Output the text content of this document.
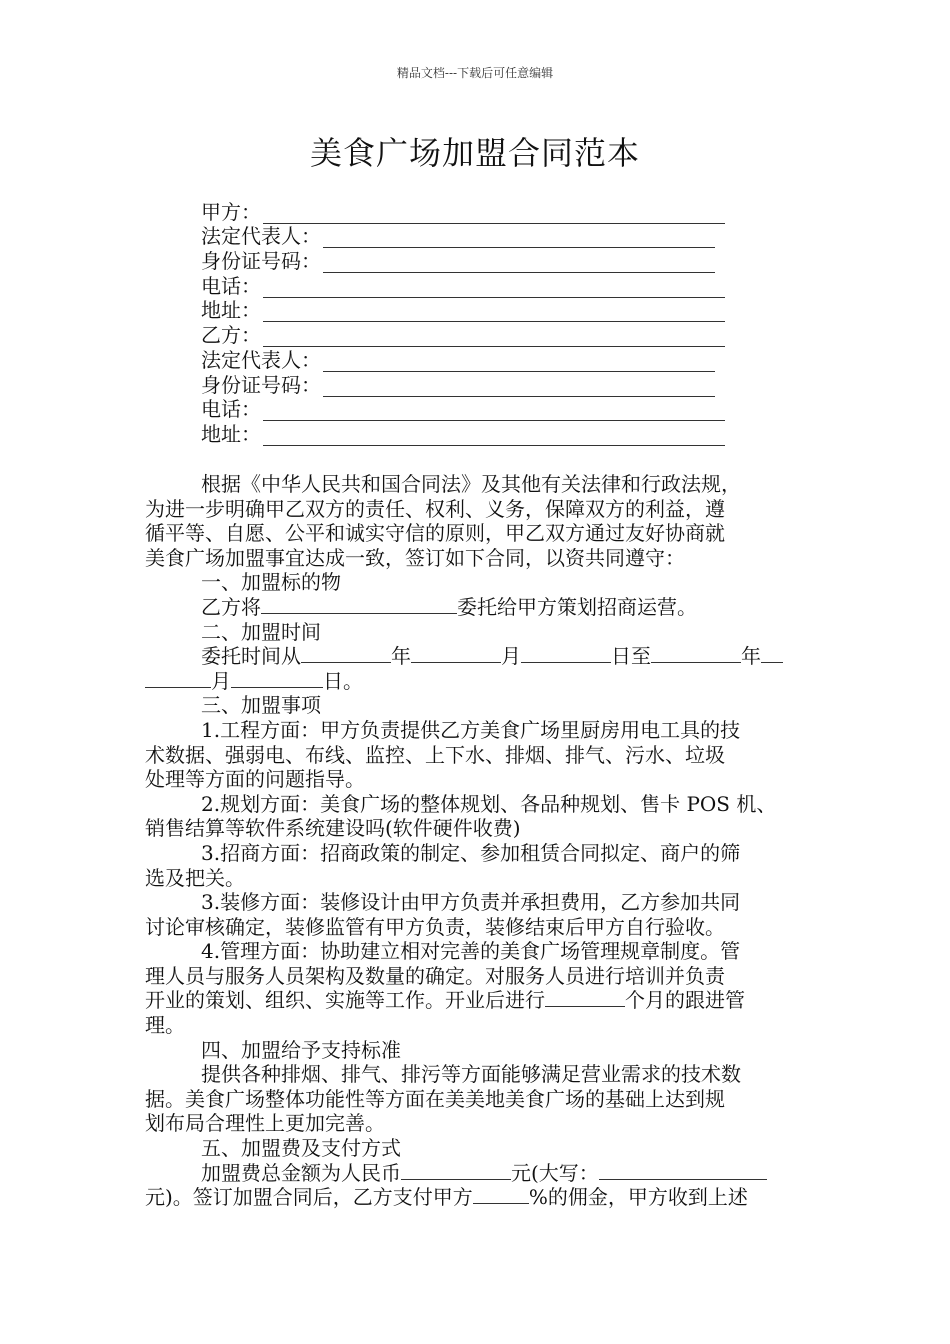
精品文档---下载后可任意编辑
美食广场加盟合同范本
甲方：
法定代表人：
身份证号码：
电话：
地址：
乙方：
法定代表人：
身份证号码：
电话：
地址：
根据《中华人民共和国合同法》及其他有关法律和行政法规，
为进一步明确甲乙双方的责任、权利、义务，保障双方的利益，遵
循平等、自愿、公平和诚实守信的原则，甲乙双方通过友好协商就
美食广场加盟事宜达成一致，签订如下合同，以资共同遵守：
一、加盟标的物
乙方将	委托给甲方策划招商运营。
二、加盟时间
委托时间从	年	月	日至	年
月	日。
三、加盟事项
1.工程方面：甲方负责提供乙方美食广场里厨房用电工具的技
术数据、强弱电、布线、监控、上下水、排烟、排气、污水、垃圾
处理等方面的问题指导。
2.规划方面：美食广场的整体规划、各品种规划、售卡 POS 机、
销售结算等软件系统建设吗(软件硬件收费)
3.招商方面：招商政策的制定、参加租赁合同拟定、商户的筛
选及把关。
3.装修方面：装修设计由甲方负责并承担费用，乙方参加共同
讨论审核确定，装修监管有甲方负责，装修结束后甲方自行验收。
4.管理方面：协助建立相对完善的美食广场管理规章制度。管
理人员与服务人员架构及数量的确定。对服务人员进行培训并负责
开业的策划、组织、实施等工作。开业后进行	个月的跟进管
理。
四、加盟给予支持标准
提供各种排烟、排气、排污等方面能够满足营业需求的技术数
据。美食广场整体功能性等方面在美美地美食广场的基础上达到规
划布局合理性上更加完善。
五、加盟费及支付方式
加盟费总金额为人民币	元(大写：
元)。签订加盟合同后，乙方支付甲方	%的佣金，甲方收到上述
